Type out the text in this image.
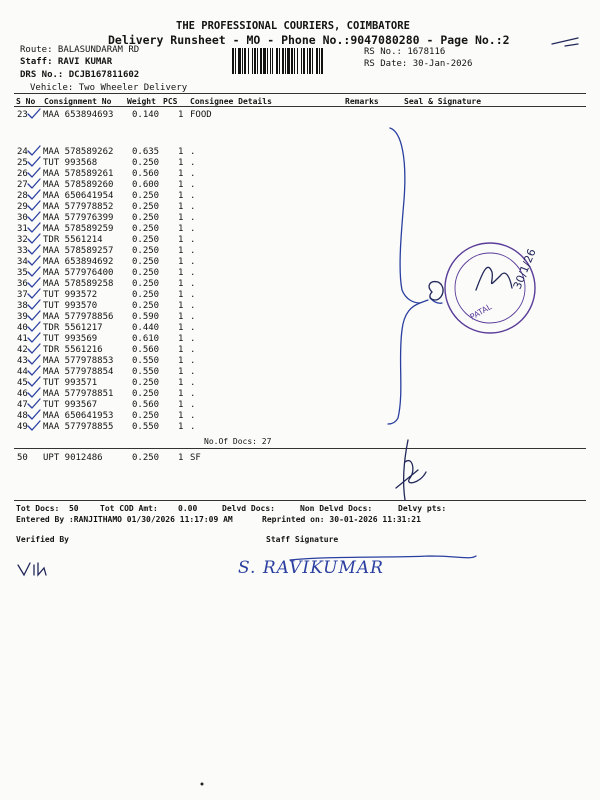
THE PROFESSIONAL COURIERS, COIMBATORE
Delivery Runsheet - MO - Phone No.:9047080280 - Page No.:2
Route: BALASUNDARAM RD
Staff: RAVI KUMAR
DRS No.: DCJB167811602
Vehicle: Two Wheeler Delivery
RS No.: 1678116
RS Date: 30-Jan-2026
S No Consignment No Weight PCS Consignee Details	Remarks	Seal & Signature
23 MAA 653894693 0.140 1 FOOD
24 MAA 578589262 0.635 1 .
25 TUT 993568	0.250 1 .
26 MAA 578589261 0.560 1 .
27 MAA 578589260 0.600 1 .
28 MAA 650641954 0.250 1 .
29 MAA 577978852 0.250 1 .
30 MAA 577976399 0.250 1 .
31 MAA 578589259 0.250 1 .
32 TDR 5561214	0.250 1 .
33 MAA 578589257 0.250 1 .
34 MAA 653894692 0.250 1 .
35 MAA 577976400 0.250 1 .
36 MAA 578589258 0.250 1 .
37 TUT 993572	0.250 1 .
38 TUT 993570	0.250 1 .
39 MAA 577978856 0.590 1 .
40 TDR 5561217	0.440 1 .
41 TUT 993569	0.610 1 .
42 TDR 5561216	0.560 1 .
43 MAA 577978853 0.550 1 .
44 MAA 577978854 0.550 1 .
45 TUT 993571	0.250 1 .
46 MAA 577978851 0.250 1 .
47 TUT 993567	0.560 1 .
48 MAA 650641953 0.250 1 .
49 MAA 577978855 0.550 1 .
No.Of Docs: 27
50 UPT 9012486	0.250 1 SF
Tot Docs:  50	Tot COD Amt:	0.00	Delvd Docs:	Non Delvd Docs:	Delvy pts:
Entered By :RANJITHAMO 01/30/2026 11:17:09 AM	Reprinted on: 30-01-2026 11:31:21
Verified By	Staff Signature
PATAL
30/1/26
VIK
S. RAVIKUMAR
